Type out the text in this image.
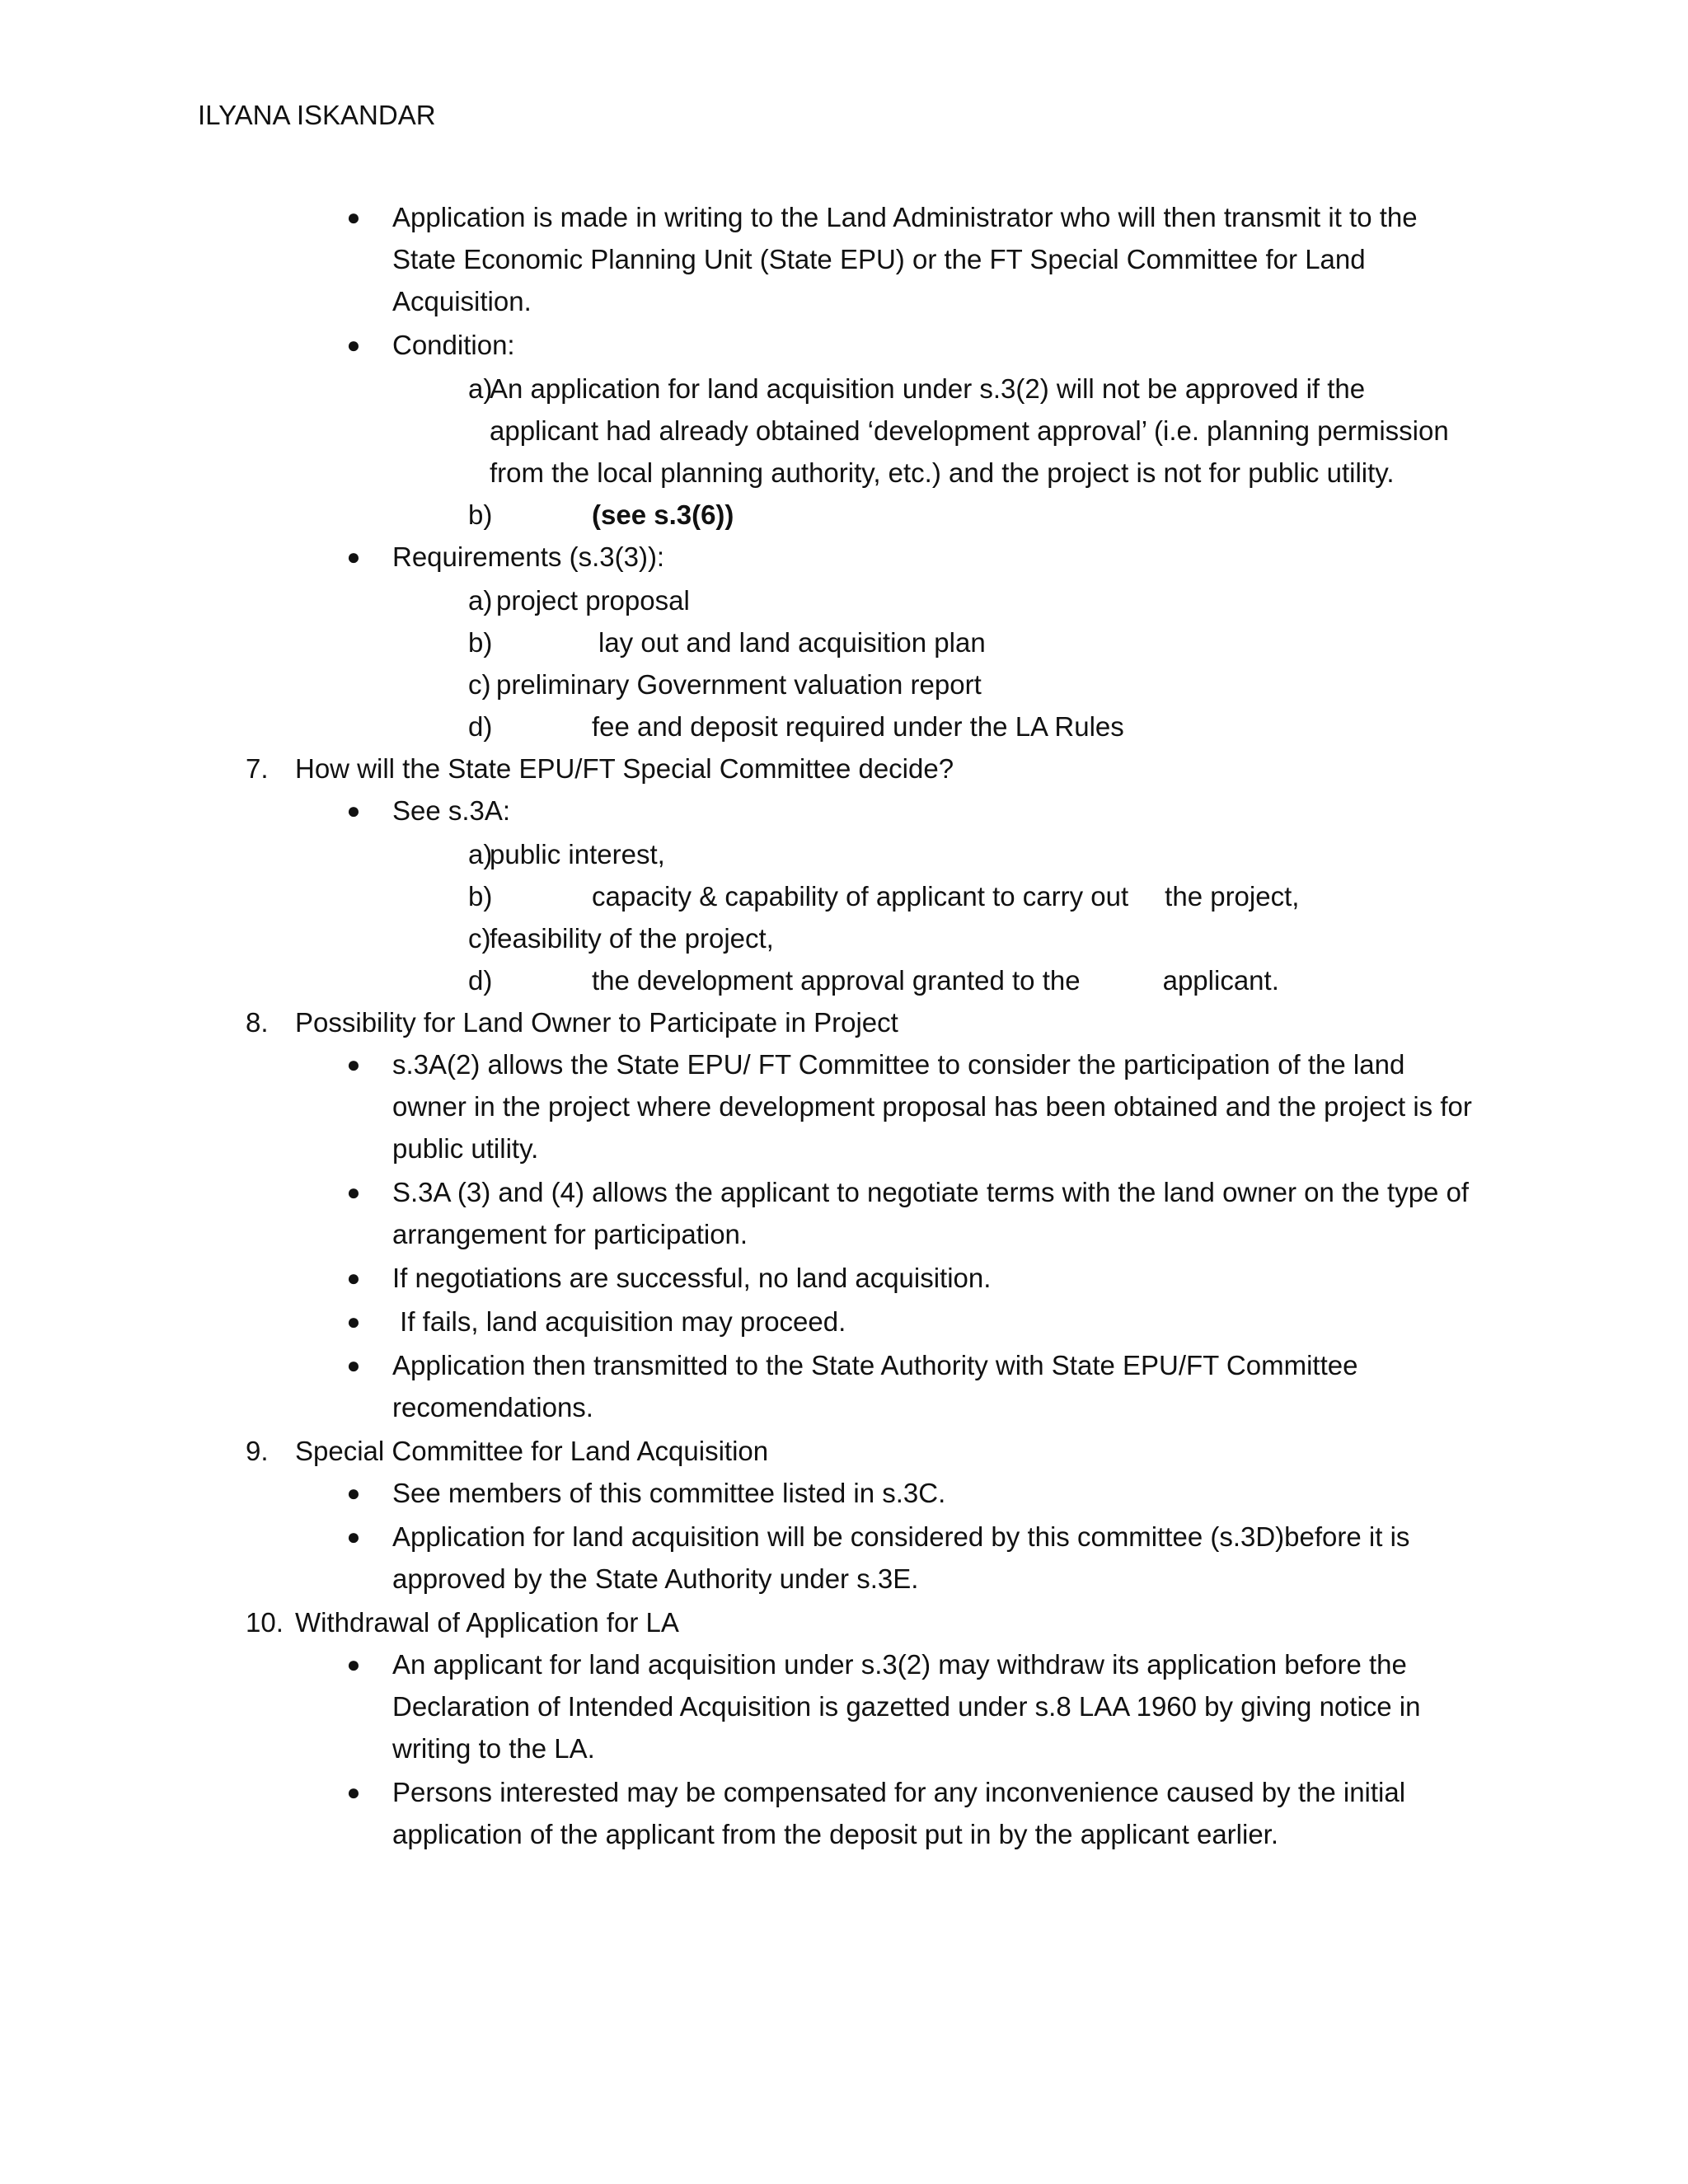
ILYANA ISKANDAR
● Application is made in writing to the Land Administrator who will then transmit it to the State Economic Planning Unit (State EPU) or the FT Special Committee for Land Acquisition.
● Condition:
a)
An application for land acquisition under s.3(2) will not be approved if the applicant had already obtained ‘development approval’ (i.e. planning permission from the local planning authority, etc.) and the project is not for public utility.
b)	(see s.3(6))
● Requirements (s.3(3)):
a) project proposal
b)	lay out and land acquisition plan
c) preliminary Government valuation report
d)	fee and deposit required under the LA Rules
7. How will the State EPU/FT Special Committee decide?
● See s.3A:
a)
public interest,
b)	capacity & capability of applicant to carry out the project,
c)
feasibility of the project,
d)	the development approval granted to the	applicant.
8. Possibility for Land Owner to Participate in Project
● s.3A(2) allows the State EPU/ FT Committee to consider the participation of the land owner in the project where development proposal has been obtained and the project is for public utility.
● S.3A (3) and (4) allows the applicant to negotiate terms with the land owner on the type of arrangement for participation.
● If negotiations are successful, no land acquisition.
● If fails, land acquisition may proceed.
● Application then transmitted to the State Authority with State EPU/FT Committee recomendations.
9. Special Committee for Land Acquisition
● See members of this committee listed in s.3C.
● Application for land acquisition will be considered by this committee (s.3D)before it is approved by the State Authority under s.3E.
10. Withdrawal of Application for LA
● An applicant for land acquisition under s.3(2) may withdraw its application before the Declaration of Intended Acquisition is gazetted under s.8 LAA 1960 by giving notice in writing to the LA.
● Persons interested may be compensated for any inconvenience caused by the initial application of the applicant from the deposit put in by the applicant earlier.
